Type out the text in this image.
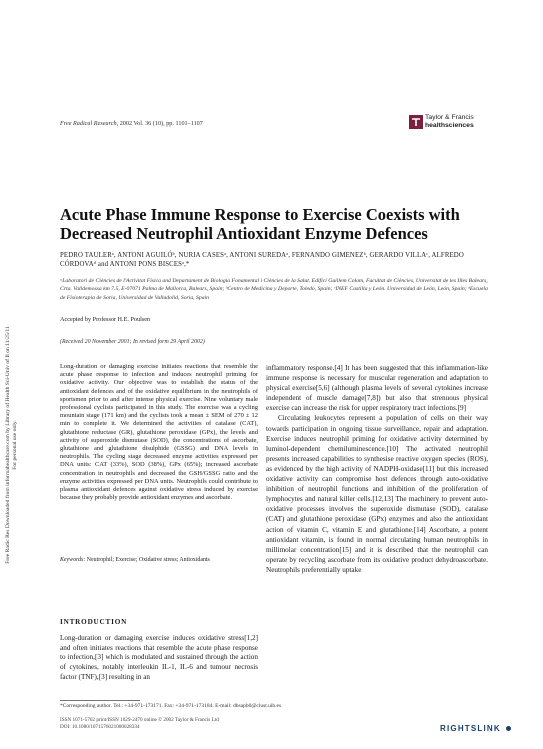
Free Radic Res Downloaded from informahealthcare.com by Library of Health Sci-Univ of Il on 11/25/11 For personal use only.
Free Radical Research, 2002 Vol. 36 (10), pp. 1101–1107
Taylor & Francis
healthsciences
Acute Phase Immune Response to Exercise Coexists with Decreased Neutrophil Antioxidant Enzyme Defences
PEDRO TAULERᵃ, ANTONI AGUILÓᵇ, NURIA CASESᵃ, ANTONI SUREDAᵃ, FERNANDO GIMENEZᵇ, GERARDO VILLAᶜ, ALFREDO CÓRDOVAᵈ and ANTONI PONS BISCESᵃ,*
ᵃLaboratori de Ciències de l'Activitat Física and Departament de Biologia Fonamental i Ciències de la Salut. Edifici Guillem Colom, Facultat de Ciències, Universitat de les Illes Balears, Crta. Valldemossa km 7.5, E-07071 Palma de Mallorca, Balears, Spain; ᵇCentro de Medicina y Deporte, Toledo, Spain; ᶜINEF Castilla y León. Universidad de León, León, Spain; ᵈEscuela de Fisioterapia de Soria, Universidad de Valladolid, Soria, Spain
Accepted by Professor H.E. Poulsen
(Received 20 November 2001; In revised form 29 April 2002)

Long-duration or damaging exercise initiates reactions that resemble the acute phase response to infection and induces neutrophil priming for oxidative activity. Our objective was to establish the status of the antioxidant defences and of the oxidative equilibrium in the neutrophils of sportsmen prior to and after intense physical exercise. Nine voluntary male professional cyclists participated in this study. The exercise was a cycling mountain stage (171 km) and the cyclists took a mean ± SEM of 270 ± 12 min to complete it. We determined the activities of catalase (CAT), glutathione reductase (GR), glutathione peroxidase (GPx), the levels and activity of superoxide dismutase (SOD), the concentrations of ascorbate, glutathione and glutathione disulphide (GSSG) and DNA levels in neutrophils. The cycling stage decreased enzyme activities expressed per DNA units: CAT (33%), SOD (38%), GPx (65%); increased ascorbate concentration in neutrophils and decreased the GSH/GSSG ratio and the enzyme activities expressed per DNA units. Neutrophils could contribute to plasma antioxidant defences against oxidative stress induced by exercise because they probably provide antioxidant enzymes and ascorbate.

Keywords: Neutrophil; Exercise; Oxidative stress; Antioxidants
INTRODUCTION

Long-duration or damaging exercise induces oxidative stress[1,2] and often initiates reactions that resemble the acute phase response to infection,[3] which is modulated and sustained through the action of cytokines, notably interleukin IL-1, IL-6 and tumour necrosis factor (TNF),[3] resulting in an

inflammatory response.[4] It has been suggested that this inflammation-like immune response is necessary for muscular regeneration and adaptation to physical exercise[5,6] (although plasma levels of several cytokines increase independent of muscle damage[7,8]) but also that strenuous physical exercise can increase the risk for upper respiratory tract infections.[9]

Circulating leukocytes represent a population of cells on their way towards participation in ongoing tissue surveillance, repair and adaptation. Exercise induces neutrophil priming for oxidative activity determined by luminol-dependent chemiluminescence.[10] The activated neutrophil presents increased capabilities to synthesise reactive oxygen species (ROS), as evidenced by the high activity of NADPH-oxidase[11] but this increased oxidative activity can compromise host defences through auto-oxidative inhibition of neutrophil functions and inhibition of the proliferation of lymphocytes and natural killer cells.[12,13] The machinery to prevent auto-oxidative processes involves the superoxide dismutase (SOD), catalase (CAT) and glutathione peroxidase (GPx) enzymes and also the antioxidant action of vitamin C, vitamin E and glutathione.[14] Ascorbate, a potent antioxidant vitamin, is found in normal circulating human neutrophils in millimolar concentration[15] and it is described that the neutrophil can operate by recycling ascorbate from its oxidative product dehydroascorbate. Neutrophils preferentially uptake

*Corresponding author. Tel.: +34-971-173171. Fax: +34-971-173184. E-mail: dbsapb0@clust.uib.es
ISSN 1071-5762 print/ISSN 1029-2470 online © 2002 Taylor & Francis Ltd
DOI: 10.1080/1071576021000028334	RIGHTSLINK
